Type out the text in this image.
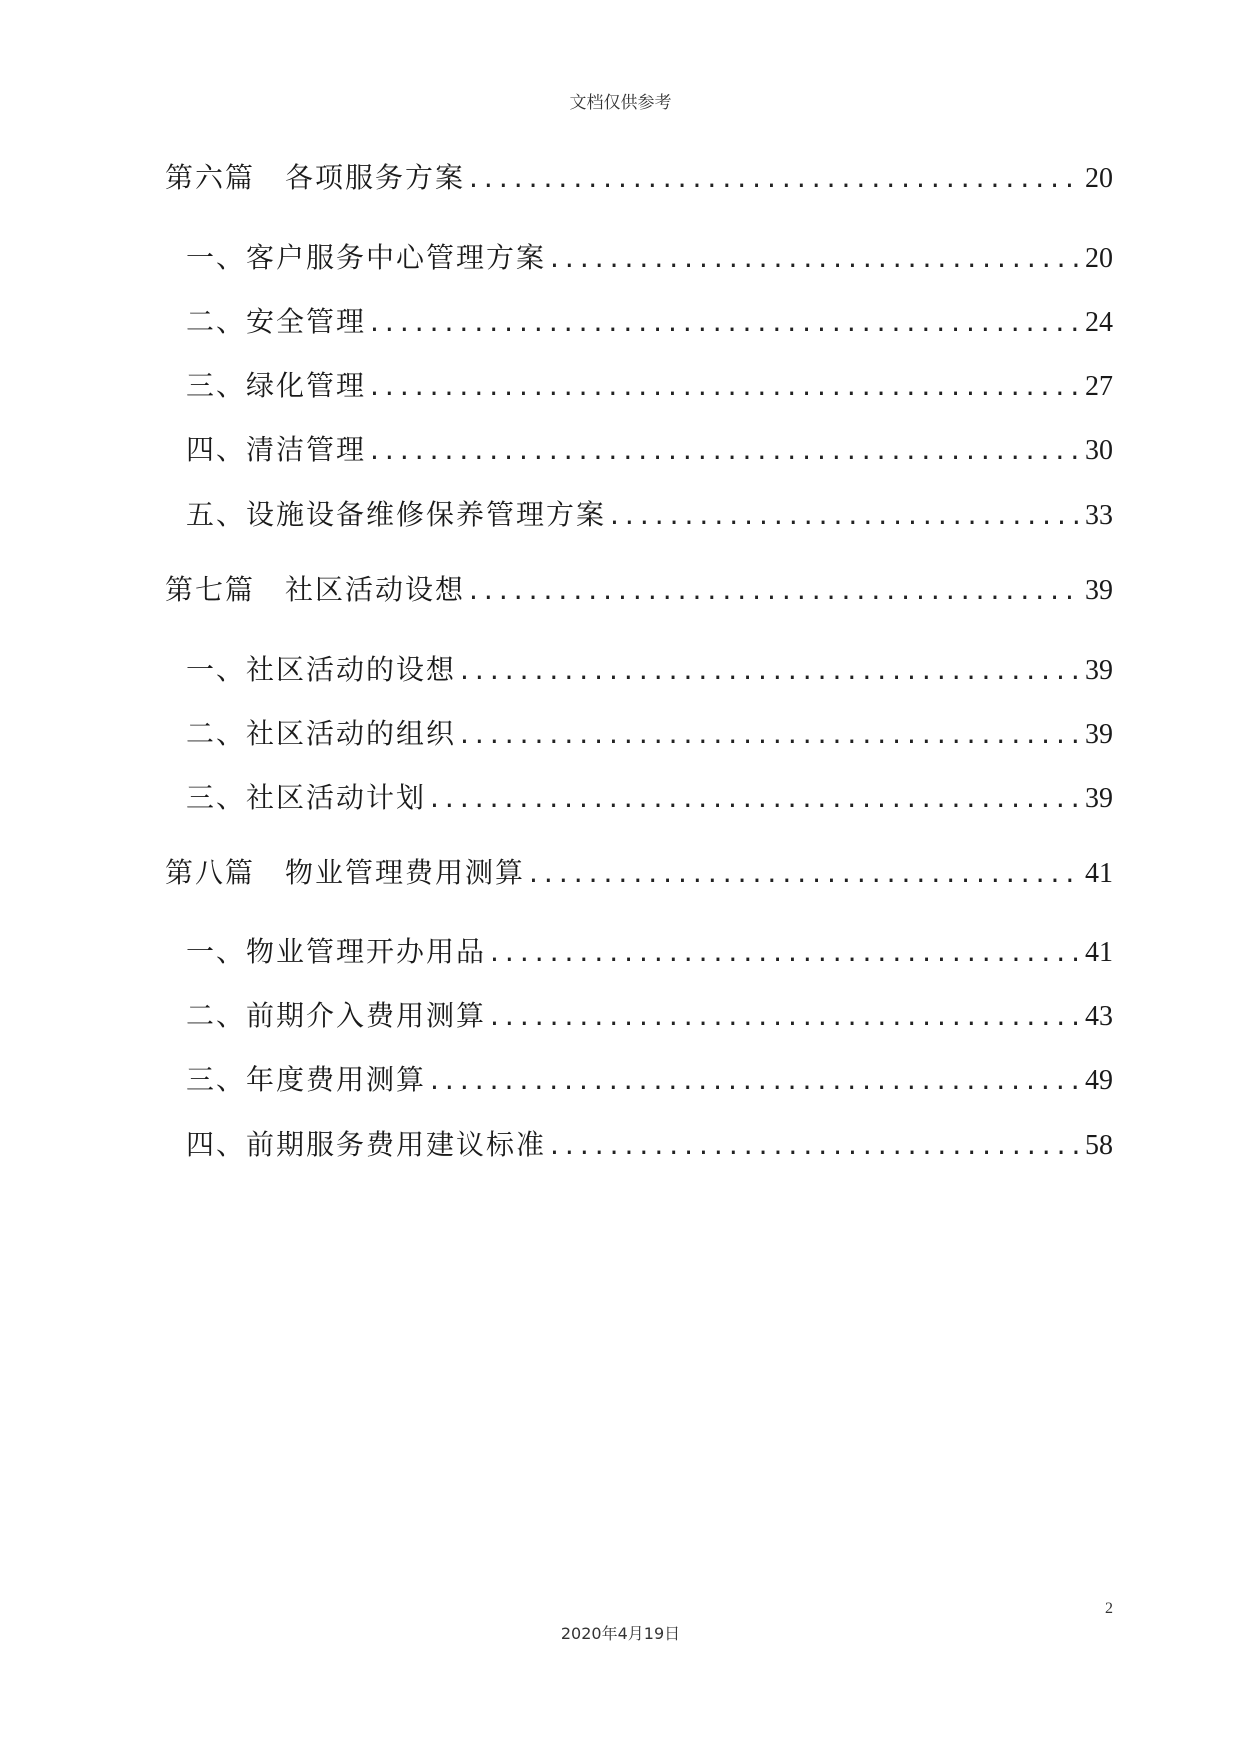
文档仅供参考
第六篇　各项服务方案 .....	20
一、客户服务中心管理方案 .....	20
二、安全管理 .....	24
三、绿化管理 .....	27
四、清洁管理 .....	30
五、设施设备维修保养管理方案 .....	33
第七篇　社区活动设想 .....	39
一、社区活动的设想 .....	39
二、社区活动的组织 .....	39
三、社区活动计划 .....	39
第八篇　物业管理费用测算 .....	41
一、物业管理开办用品 .....	41
二、前期介入费用测算 .....	43
三、年度费用测算 .....	49
四、前期服务费用建议标准 .....	58
2
2020年4月19日
